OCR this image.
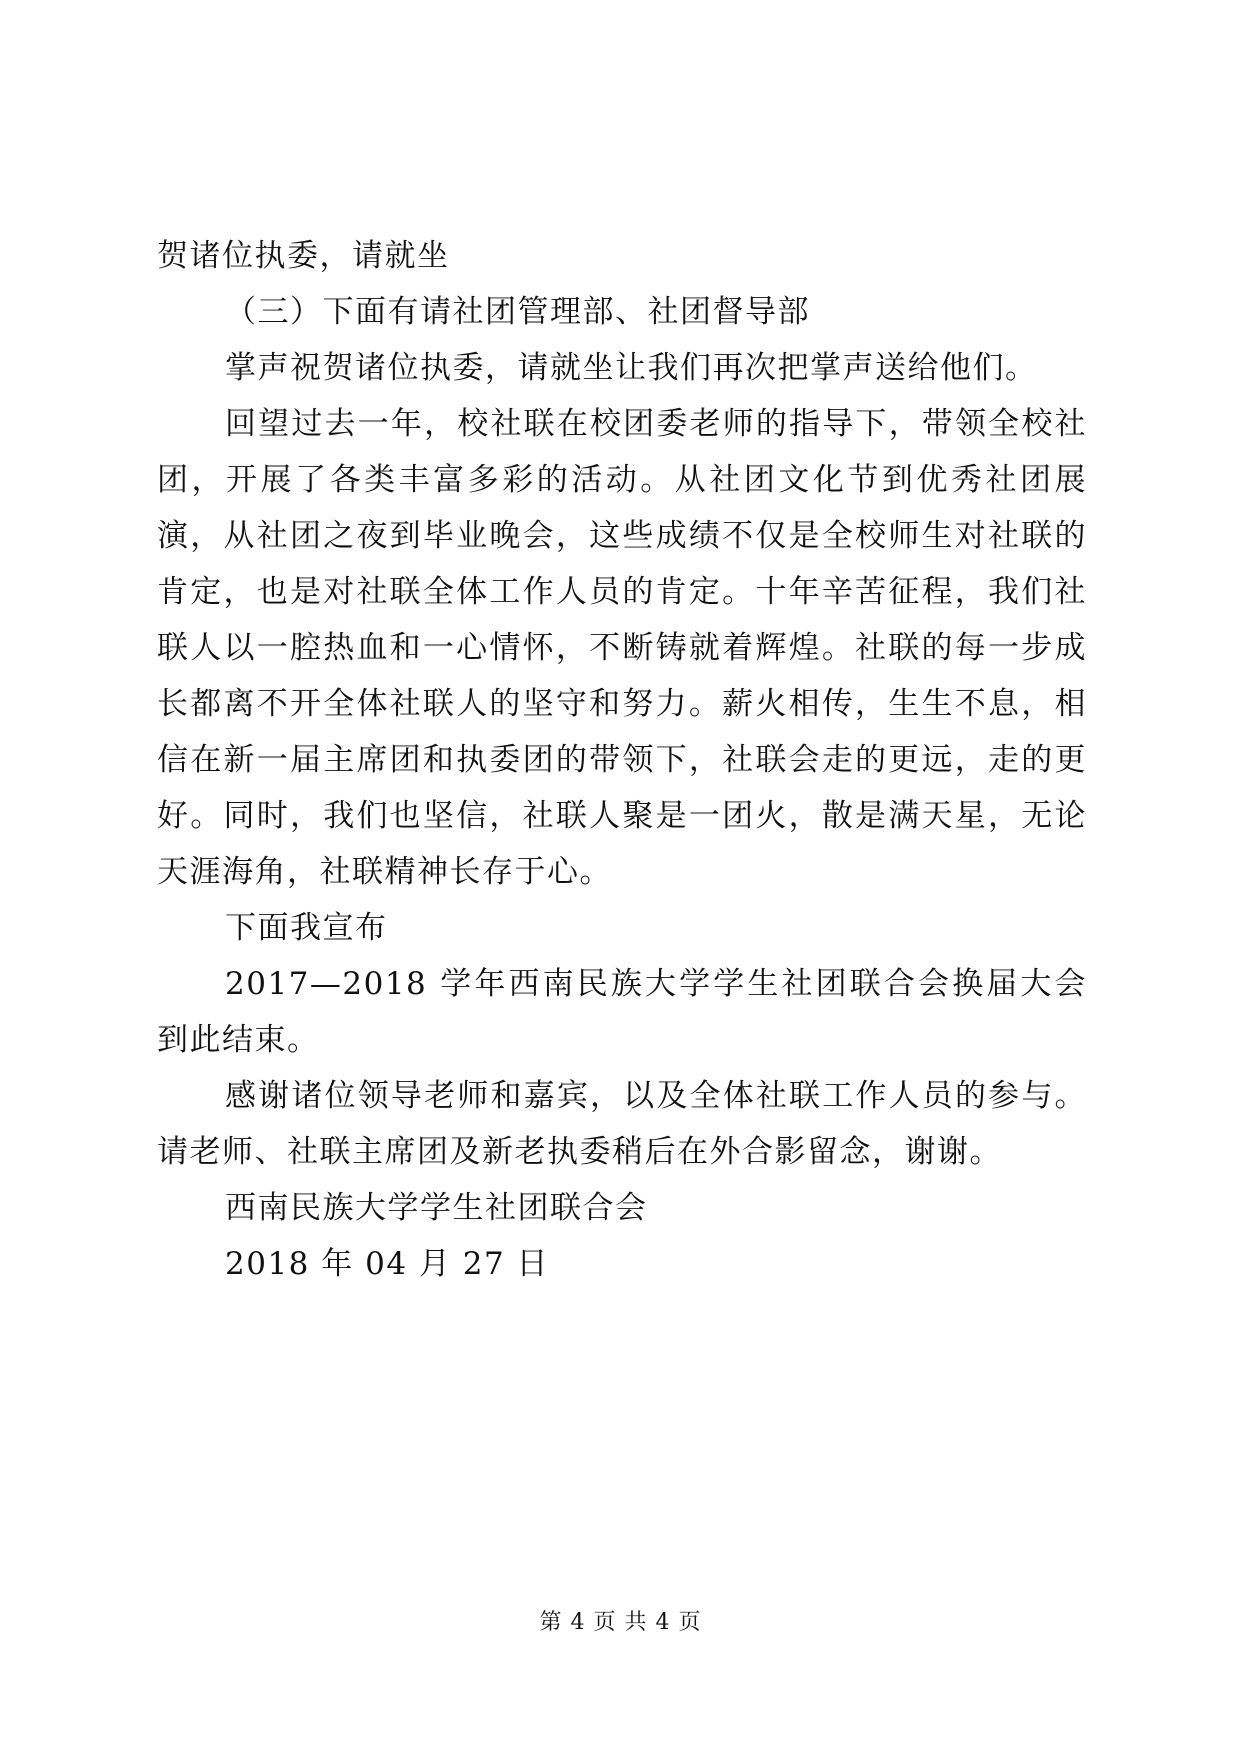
贺诸位执委，请就坐

（三）下面有请社团管理部、社团督导部

掌声祝贺诸位执委，请就坐让我们再次把掌声送给他们。

回望过去一年，校社联在校团委老师的指导下，带领全校社团，开展了各类丰富多彩的活动。从社团文化节到优秀社团展演，从社团之夜到毕业晚会，这些成绩不仅是全校师生对社联的肯定，也是对社联全体工作人员的肯定。十年辛苦征程，我们社联人以一腔热血和一心情怀，不断铸就着辉煌。社联的每一步成长都离不开全体社联人的坚守和努力。薪火相传，生生不息，相信在新一届主席团和执委团的带领下，社联会走的更远，走的更好。同时，我们也坚信，社联人聚是一团火，散是满天星，无论天涯海角，社联精神长存于心。

下面我宣布

2017—2018 学年西南民族大学学生社团联合会换届大会到此结束。

感谢诸位领导老师和嘉宾，以及全体社联工作人员的参与。请老师、社联主席团及新老执委稍后在外合影留念，谢谢。

西南民族大学学生社团联合会

2018 年 04 月 27 日

第 4 页 共 4 页
